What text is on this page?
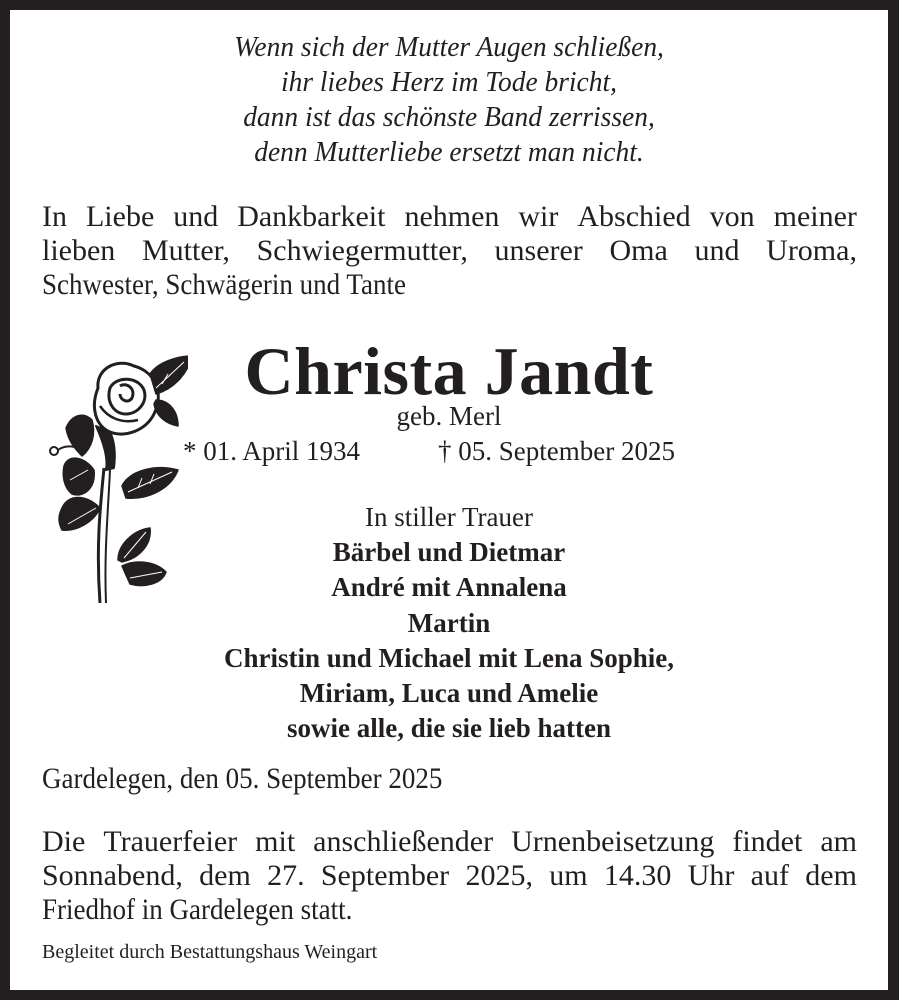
Wenn sich der Mutter Augen schließen,
ihr liebes Herz im Tode bricht,
dann ist das schönste Band zerrissen,
denn Mutterliebe ersetzt man nicht.
In Liebe und Dankbarkeit nehmen wir Abschied von meiner
lieben Mutter, Schwiegermutter, unserer Oma und Uroma,
Schwester, Schwägerin und Tante
Christa Jandt
geb. Merl
* 01. April 1934	† 05. September 2025
In stiller Trauer
Bärbel und Dietmar
André mit Annalena
Martin
Christin und Michael mit Lena Sophie,
Miriam, Luca und Amelie
sowie alle, die sie lieb hatten
Gardelegen, den 05. September 2025
Die Trauerfeier mit anschließender Urnenbeisetzung findet am
Sonnabend, dem 27. September 2025, um 14.30 Uhr auf dem
Friedhof in Gardelegen statt.
Begleitet durch Bestattungshaus Weingart
